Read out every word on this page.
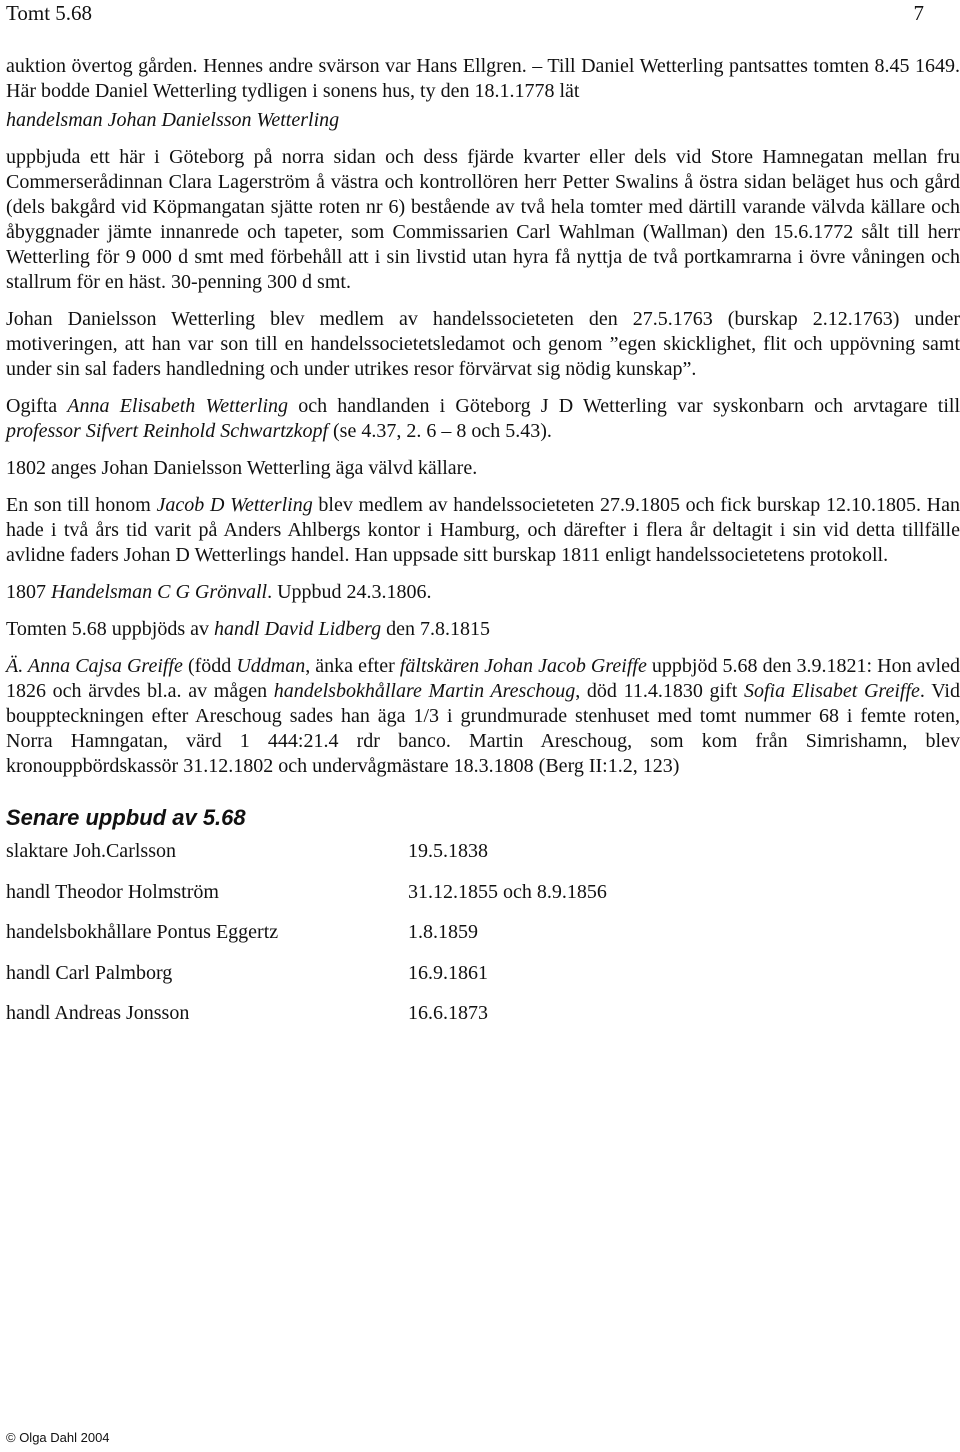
Tomt 5.68	7

auktion övertog gården. Hennes andre svärson var Hans Ellgren. – Till Daniel Wetterling pantsattes tomten 8.45 1649. Här bodde Daniel Wetterling tydligen i sonens hus, ty den 18.1.1778 lät

handelsman Johan Danielsson Wetterling

uppbjuda ett här i Göteborg på norra sidan och dess fjärde kvarter eller dels vid Store Hamnegatan mellan fru Commerserådinnan Clara Lagerström å västra och kontrollören herr Petter Swalins å östra sidan beläget hus och gård (dels bakgård vid Köpmangatan sjätte roten nr 6) bestående av två hela tomter med därtill varande välvda källare och åbyggnader jämte innanrede och tapeter, som Commissarien Carl Wahlman (Wallman) den 15.6.1772 sålt till herr Wetterling för 9 000 d smt med förbehåll att i sin livstid utan hyra få nyttja de två portkamrarna i övre våningen och stallrum för en häst. 30-penning 300 d smt.

Johan Danielsson Wetterling blev medlem av handelssocieteten den 27.5.1763 (burskap 2.12.1763) under motiveringen, att han var son till en handelssocietetsledamot och genom ”egen skicklighet, flit och uppövning samt under sin sal faders handledning och under utrikes resor förvärvat sig nödig kunskap”.

Ogifta Anna Elisabeth Wetterling och handlanden i Göteborg J D Wetterling var syskonbarn och arvtagare till professor Sifvert Reinhold Schwartzkopf (se 4.37, 2. 6 – 8 och 5.43).

1802 anges Johan Danielsson Wetterling äga välvd källare.

En son till honom Jacob D Wetterling blev medlem av handelssocieteten 27.9.1805 och fick burskap 12.10.1805. Han hade i två års tid varit på Anders Ahlbergs kontor i Hamburg, och därefter i flera år deltagit i sin vid detta tillfälle avlidne faders Johan D Wetterlings handel. Han uppsade sitt burskap 1811 enligt handelssocietetens protokoll.

1807 Handelsman C G Grönvall. Uppbud 24.3.1806.

Tomten 5.68 uppbjöds av handl David Lidberg den 7.8.1815

Ä. Anna Cajsa Greiffe (född Uddman, änka efter fältskären Johan Jacob Greiffe uppbjöd 5.68 den 3.9.1821: Hon avled 1826 och ärvdes bl.a. av mågen handelsbokhållare Martin Areschoug, död 11.4.1830 gift Sofia Elisabet Greiffe. Vid bouppteckningen efter Areschoug sades han äga 1/3 i grundmurade stenhuset med tomt nummer 68 i femte roten, Norra Hamngatan, värd 1 444:21.4 rdr banco. Martin Areschoug, som kom från Simrishamn, blev kronouppbördskassör 31.12.1802 och undervågmästare 18.3.1808 (Berg II:1.2, 123)

Senare uppbud av 5.68
slaktare Joh.Carlsson	19.5.1838
handl Theodor Holmström	31.12.1855 och 8.9.1856
handelsbokhållare Pontus Eggertz	1.8.1859
handl Carl Palmborg	16.9.1861
handl Andreas Jonsson	16.6.1873
© Olga Dahl 2004
